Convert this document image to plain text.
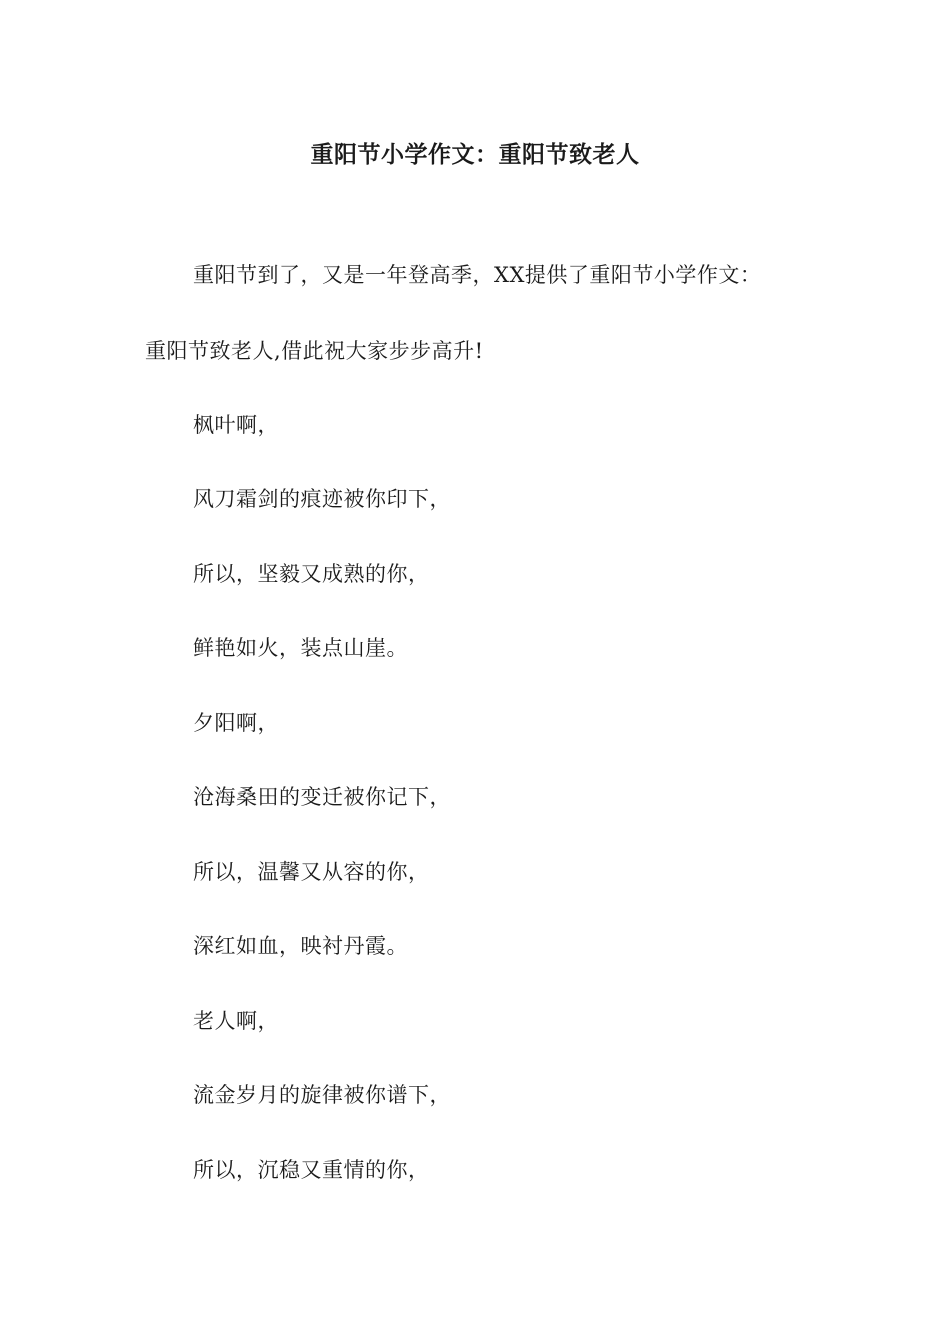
重阳节小学作文：重阳节致老人
重阳节到了，又是一年登高季，XX提供了重阳节小学作文：
重阳节致老人,借此祝大家步步高升!
枫叶啊，
风刀霜剑的痕迹被你印下，
所以，坚毅又成熟的你，
鲜艳如火，装点山崖。
夕阳啊，
沧海桑田的变迁被你记下，
所以，温馨又从容的你，
深红如血，映衬丹霞。
老人啊，
流金岁月的旋律被你谱下，
所以，沉稳又重情的你，
